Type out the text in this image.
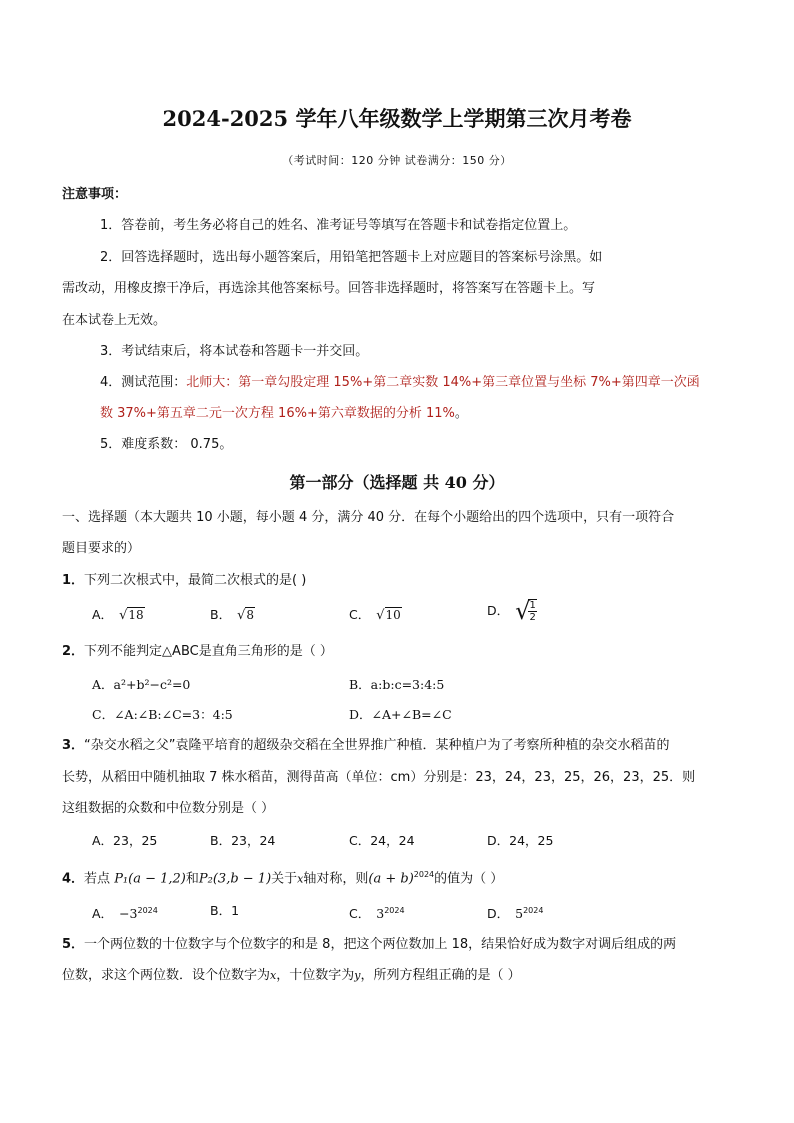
2024-2025 学年八年级数学上学期第三次月考卷
（考试时间：120 分钟 试卷满分：150 分）
注意事项：
1．答卷前，考生务必将自己的姓名、准考证号等填写在答题卡和试卷指定位置上。
2．回答选择题时，选出每小题答案后，用铅笔把答题卡上对应题目的答案标号涂黑。如
需改动，用橡皮擦干净后，再选涂其他答案标号。回答非选择题时，将答案写在答题卡上。写
在本试卷上无效。
3．考试结束后，将本试卷和答题卡一并交回。
4．测试范围：北师大：第一章勾股定理 15%+第二章实数 14%+第三章位置与坐标 7%+第四章一次函
数 37%+第五章二元一次方程 16%+第六章数据的分析 11%。
5．难度系数： 0.75。
第一部分（选择题 共 40 分）
一、选择题（本大题共 10 小题，每小题 4 分，满分 40 分．在每个小题给出的四个选项中，只有一项符合
题目要求的）
1．下列二次根式中，最简二次根式的是( )
A． √18	B． √8	C． √10	D． √
$\frac{1}{2}$
2．下列不能判定△ABC是直角三角形的是（ ）
A．a²+b²−c²=0	B．a:b:c=3:4:5
C．∠A:∠B:∠C=3：4:5	D．∠A+∠B=∠C
3．“杂交水稻之父”袁隆平培育的超级杂交稻在全世界推广种植．某种植户为了考察所种植的杂交水稻苗的
长势，从稻田中随机抽取 7 株水稻苗，测得苗高（单位：cm）分别是：23，24，23，25，26，23，25．则
这组数据的众数和中位数分别是（ ）
A．23，25	B．23，24	C．24，24	D．24，25
4．若点 P₁(a − 1,2)和P₂(3,b − 1)关于x轴对称，则$(a + b)^{2024}$的值为（ ）
A． $-3^{2024}$	B．1	C． $3^{2024}$	D． $5^{2024}$
5．一个两位数的十位数字与个位数字的和是 8，把这个两位数加上 18，结果恰好成为数字对调后组成的两
位数，求这个两位数．设个位数字为x，十位数字为y，所列方程组正确的是（ ）
